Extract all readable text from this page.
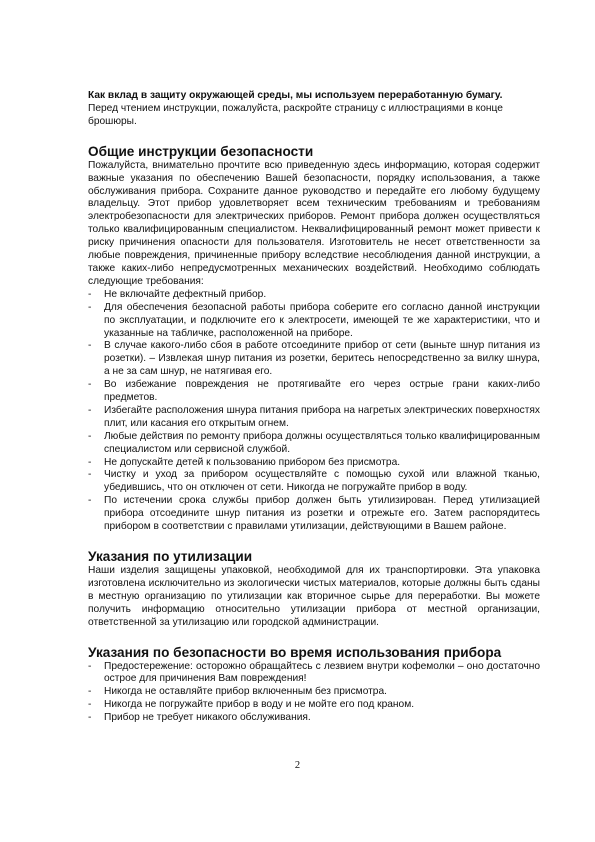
Как вклад в защиту окружающей среды, мы используем переработанную бумагу.

Перед чтением инструкции, пожалуйста, раскройте страницу с иллюстрациями в конце брошюры.

Общие инструкции безопасности

Пожалуйста, внимательно прочтите всю приведенную здесь информацию, которая содержит важные указания по обеспечению Вашей безопасности, порядку использования, а также обслуживания прибора. Сохраните данное руководство и передайте его любому будущему владельцу. Этот прибор удовлетворяет всем техническим требованиям и требованиям электробезопасности для электрических приборов. Ремонт прибора должен осуществляться только квалифицированным специалистом. Неквалифицированный ремонт может привести к риску причинения опасности для пользователя. Изготовитель не несет ответственности за любые повреждения, причиненные прибору вследствие несоблюдения данной инструкции, а также каких-либо непредусмотренных механических воздействий. Необходимо соблюдать следующие требования:

- Не включайте дефектный прибор.
- Для обеспечения безопасной работы прибора соберите его согласно данной инструкции по эксплуатации, и подключите его к электросети, имеющей те же характеристики, что и указанные на табличке, расположенной на приборе.
- В случае какого-либо сбоя в работе отсоедините прибор от сети (выньте шнур питания из розетки). – Извлекая шнур питания из розетки, беритесь непосредственно за вилку шнура, а не за сам шнур, не натягивая его.
- Во избежание повреждения не протягивайте его через острые грани каких-либо предметов.
- Избегайте расположения шнура питания прибора на нагретых электрических поверхностях плит, или касания его открытым огнем.
- Любые действия по ремонту прибора должны осуществляться только квалифицированным специалистом или сервисной службой.
- Не допускайте детей к пользованию прибором без присмотра.
- Чистку и уход за прибором осуществляйте с помощью сухой или влажной тканью, убедившись, что он отключен от сети. Никогда не погружайте прибор в воду.
- По истечении срока службы прибор должен быть утилизирован. Перед утилизацией прибора отсоедините шнур питания из розетки и отрежьте его. Затем распорядитесь прибором в соответствии с правилами утилизации, действующими в Вашем районе.
Указания по утилизации

Наши изделия защищены упаковкой, необходимой для их транспортировки. Эта упаковка изготовлена исключительно из экологически чистых материалов, которые должны быть сданы в местную организацию по утилизации как вторичное сырье для переработки. Вы можете получить информацию относительно утилизации прибора от местной организации, ответственной за утилизацию или городской администрации.

Указания по безопасности во время использования прибора
- Предостережение: осторожно обращайтесь с лезвием внутри кофемолки – оно достаточно острое для причинения Вам повреждения!
- Никогда не оставляйте прибор включенным без присмотра.
- Никогда не погружайте прибор в воду и не мойте его под краном.
- Прибор не требует никакого обслуживания.
2
